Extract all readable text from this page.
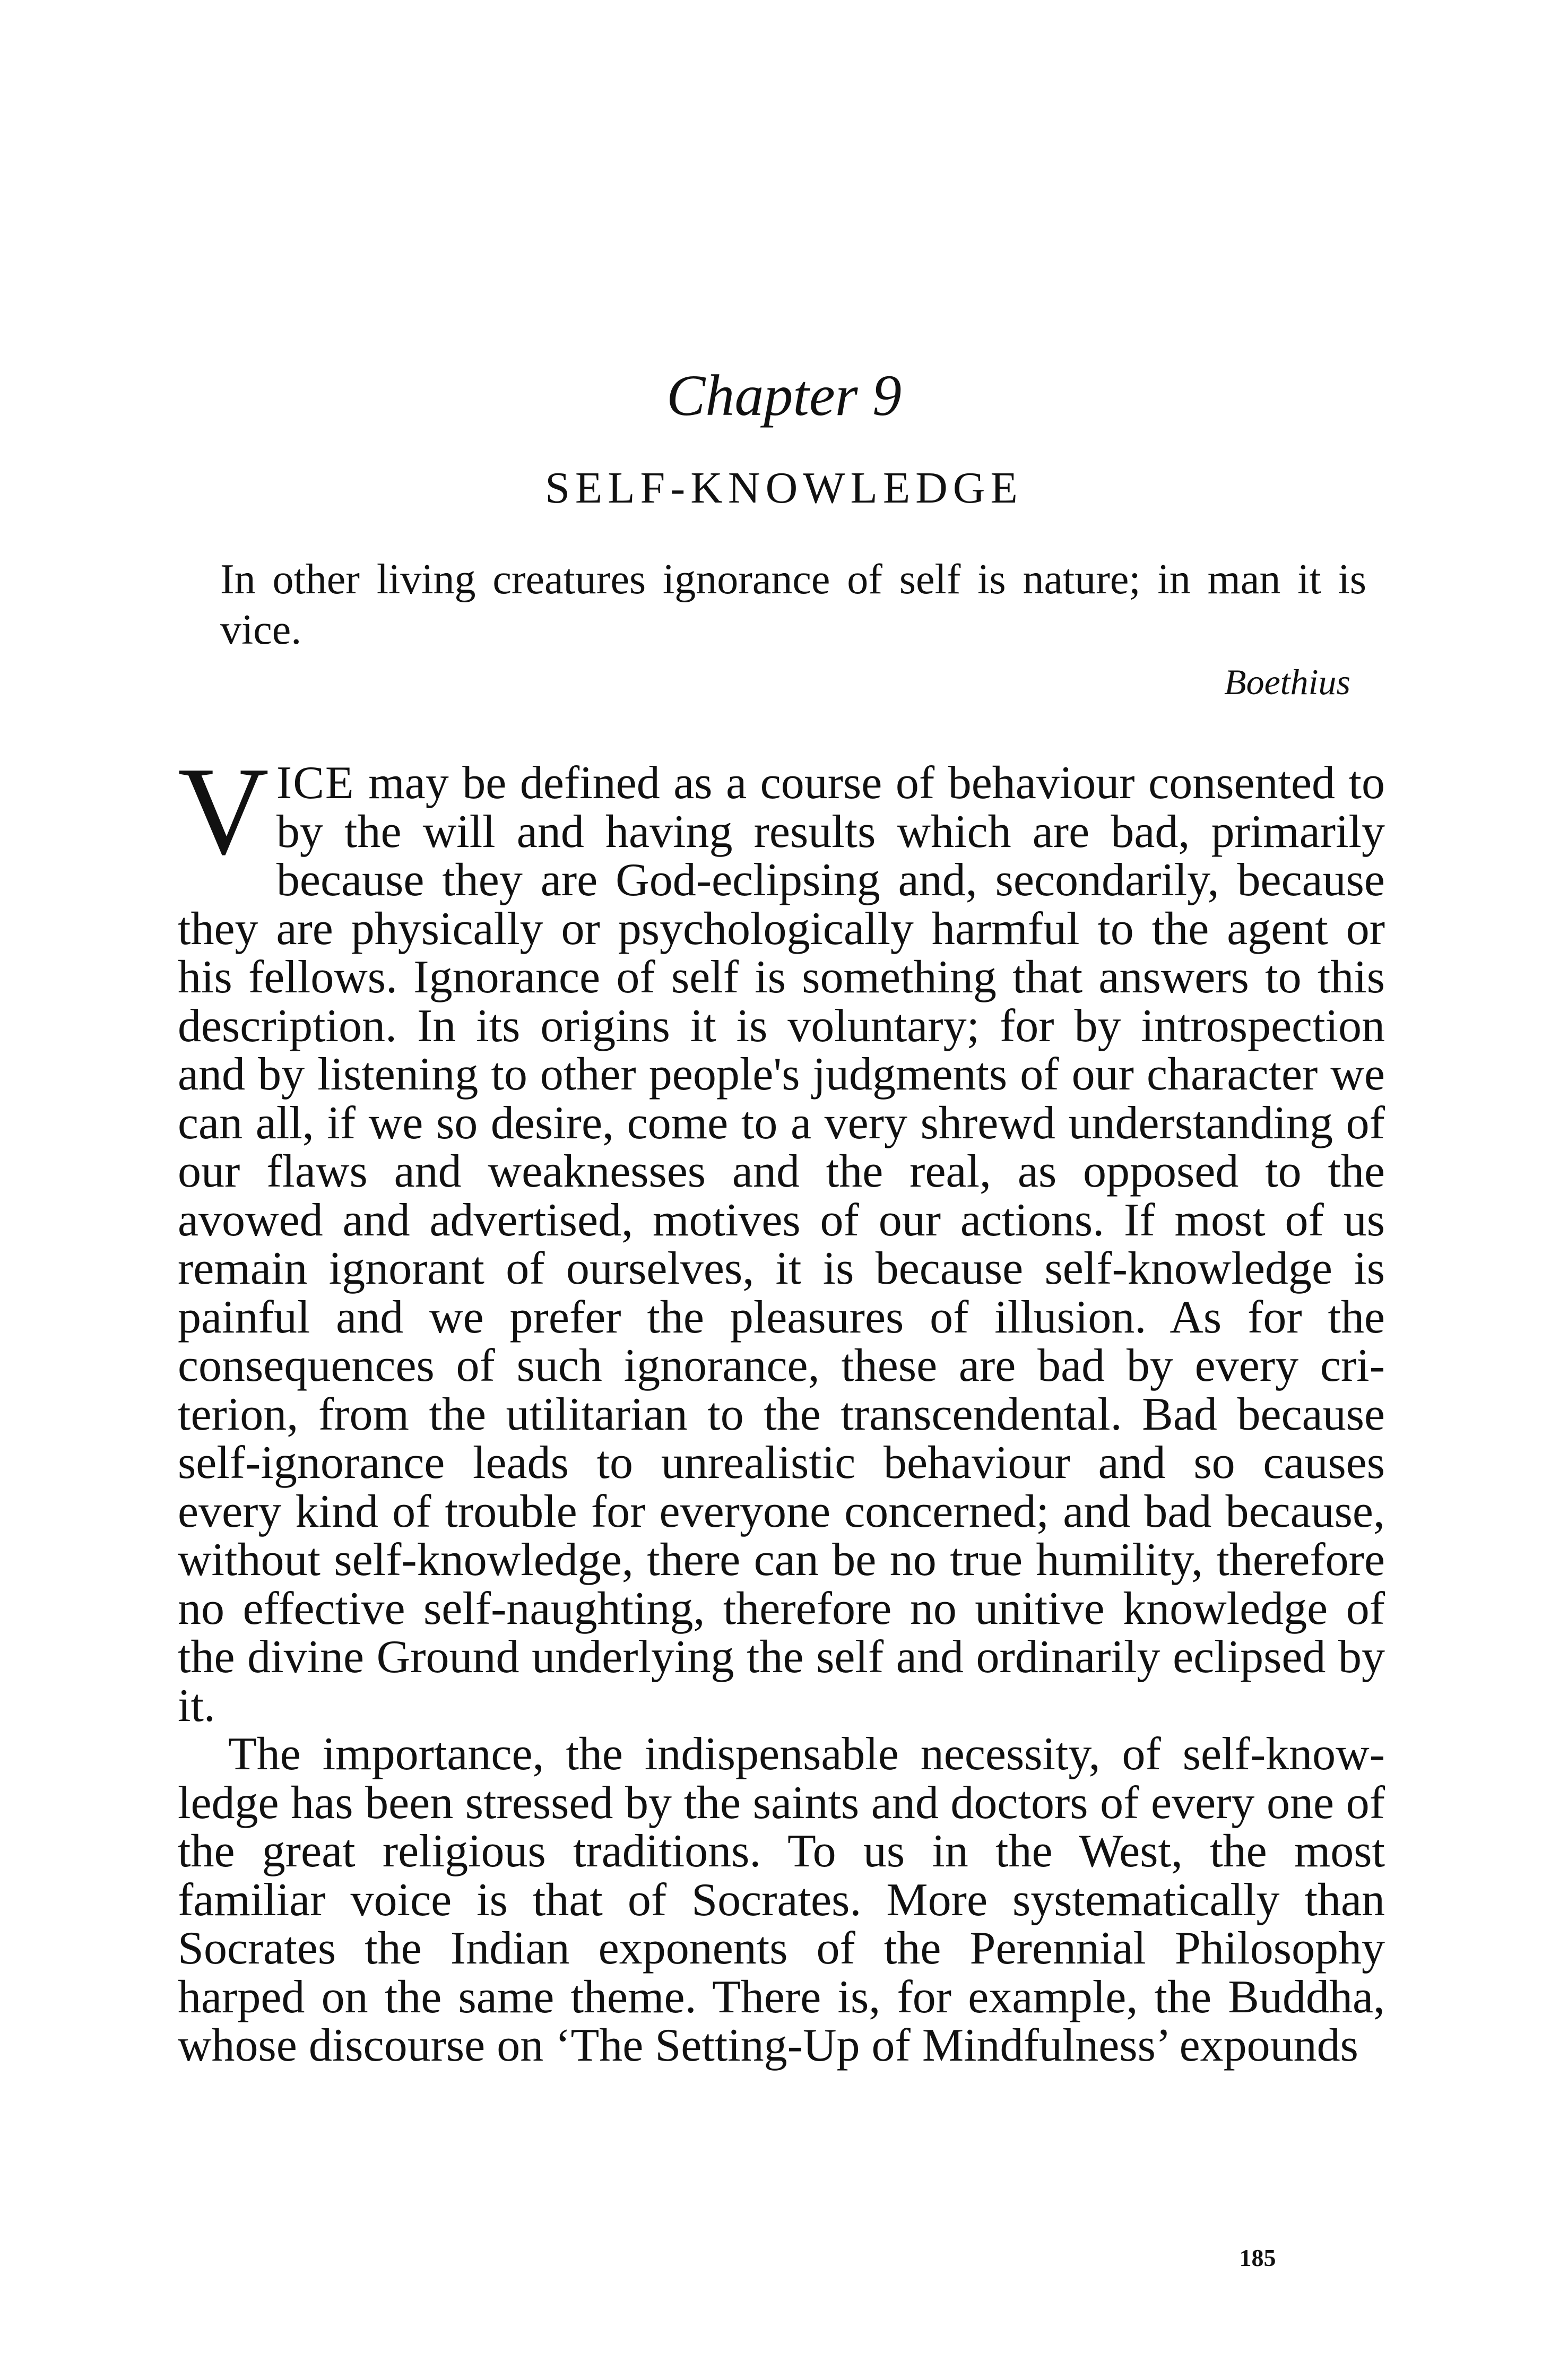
Chapter 9
SELF-KNOWLEDGE
In other living creatures ignorance of self is nature; in man it is vice.
Boethius

VICE may be defined as a course of behaviour consented to by the will and having results which are bad, primarily because they are God-eclipsing and, secondarily, because they are physically or psychologically harmful to the agent or his fellows. Ignorance of self is something that answers to this description. In its origins it is voluntary; for by introspection and by listening to other people's judgments of our character we can all, if we so desire, come to a very shrewd understanding of our flaws and weaknesses and the real, as opposed to the avowed and advertised, motives of our actions. If most of us remain ignorant of ourselves, it is because self-knowledge is painful and we prefer the pleasures of illusion. As for the consequences of such ignorance, these are bad by every criterion, from the utilitarian to the transcendental. Bad because self-ignorance leads to unrealistic behaviour and so causes every kind of trouble for everyone concerned; and bad because, without self-knowledge, there can be no true humility, therefore no effective self-naughting, therefore no unitive knowledge of the divine Ground underlying the self and ordinarily eclipsed by it.

The importance, the indispensable necessity, of self-knowledge has been stressed by the saints and doctors of every one of the great religious traditions. To us in the West, the most familiar voice is that of Socrates. More systematically than Socrates the Indian exponents of the Perennial Philosophy harped on the same theme. There is, for example, the Buddha, whose discourse on ‘The Setting-Up of Mindfulness’ expounds

185
